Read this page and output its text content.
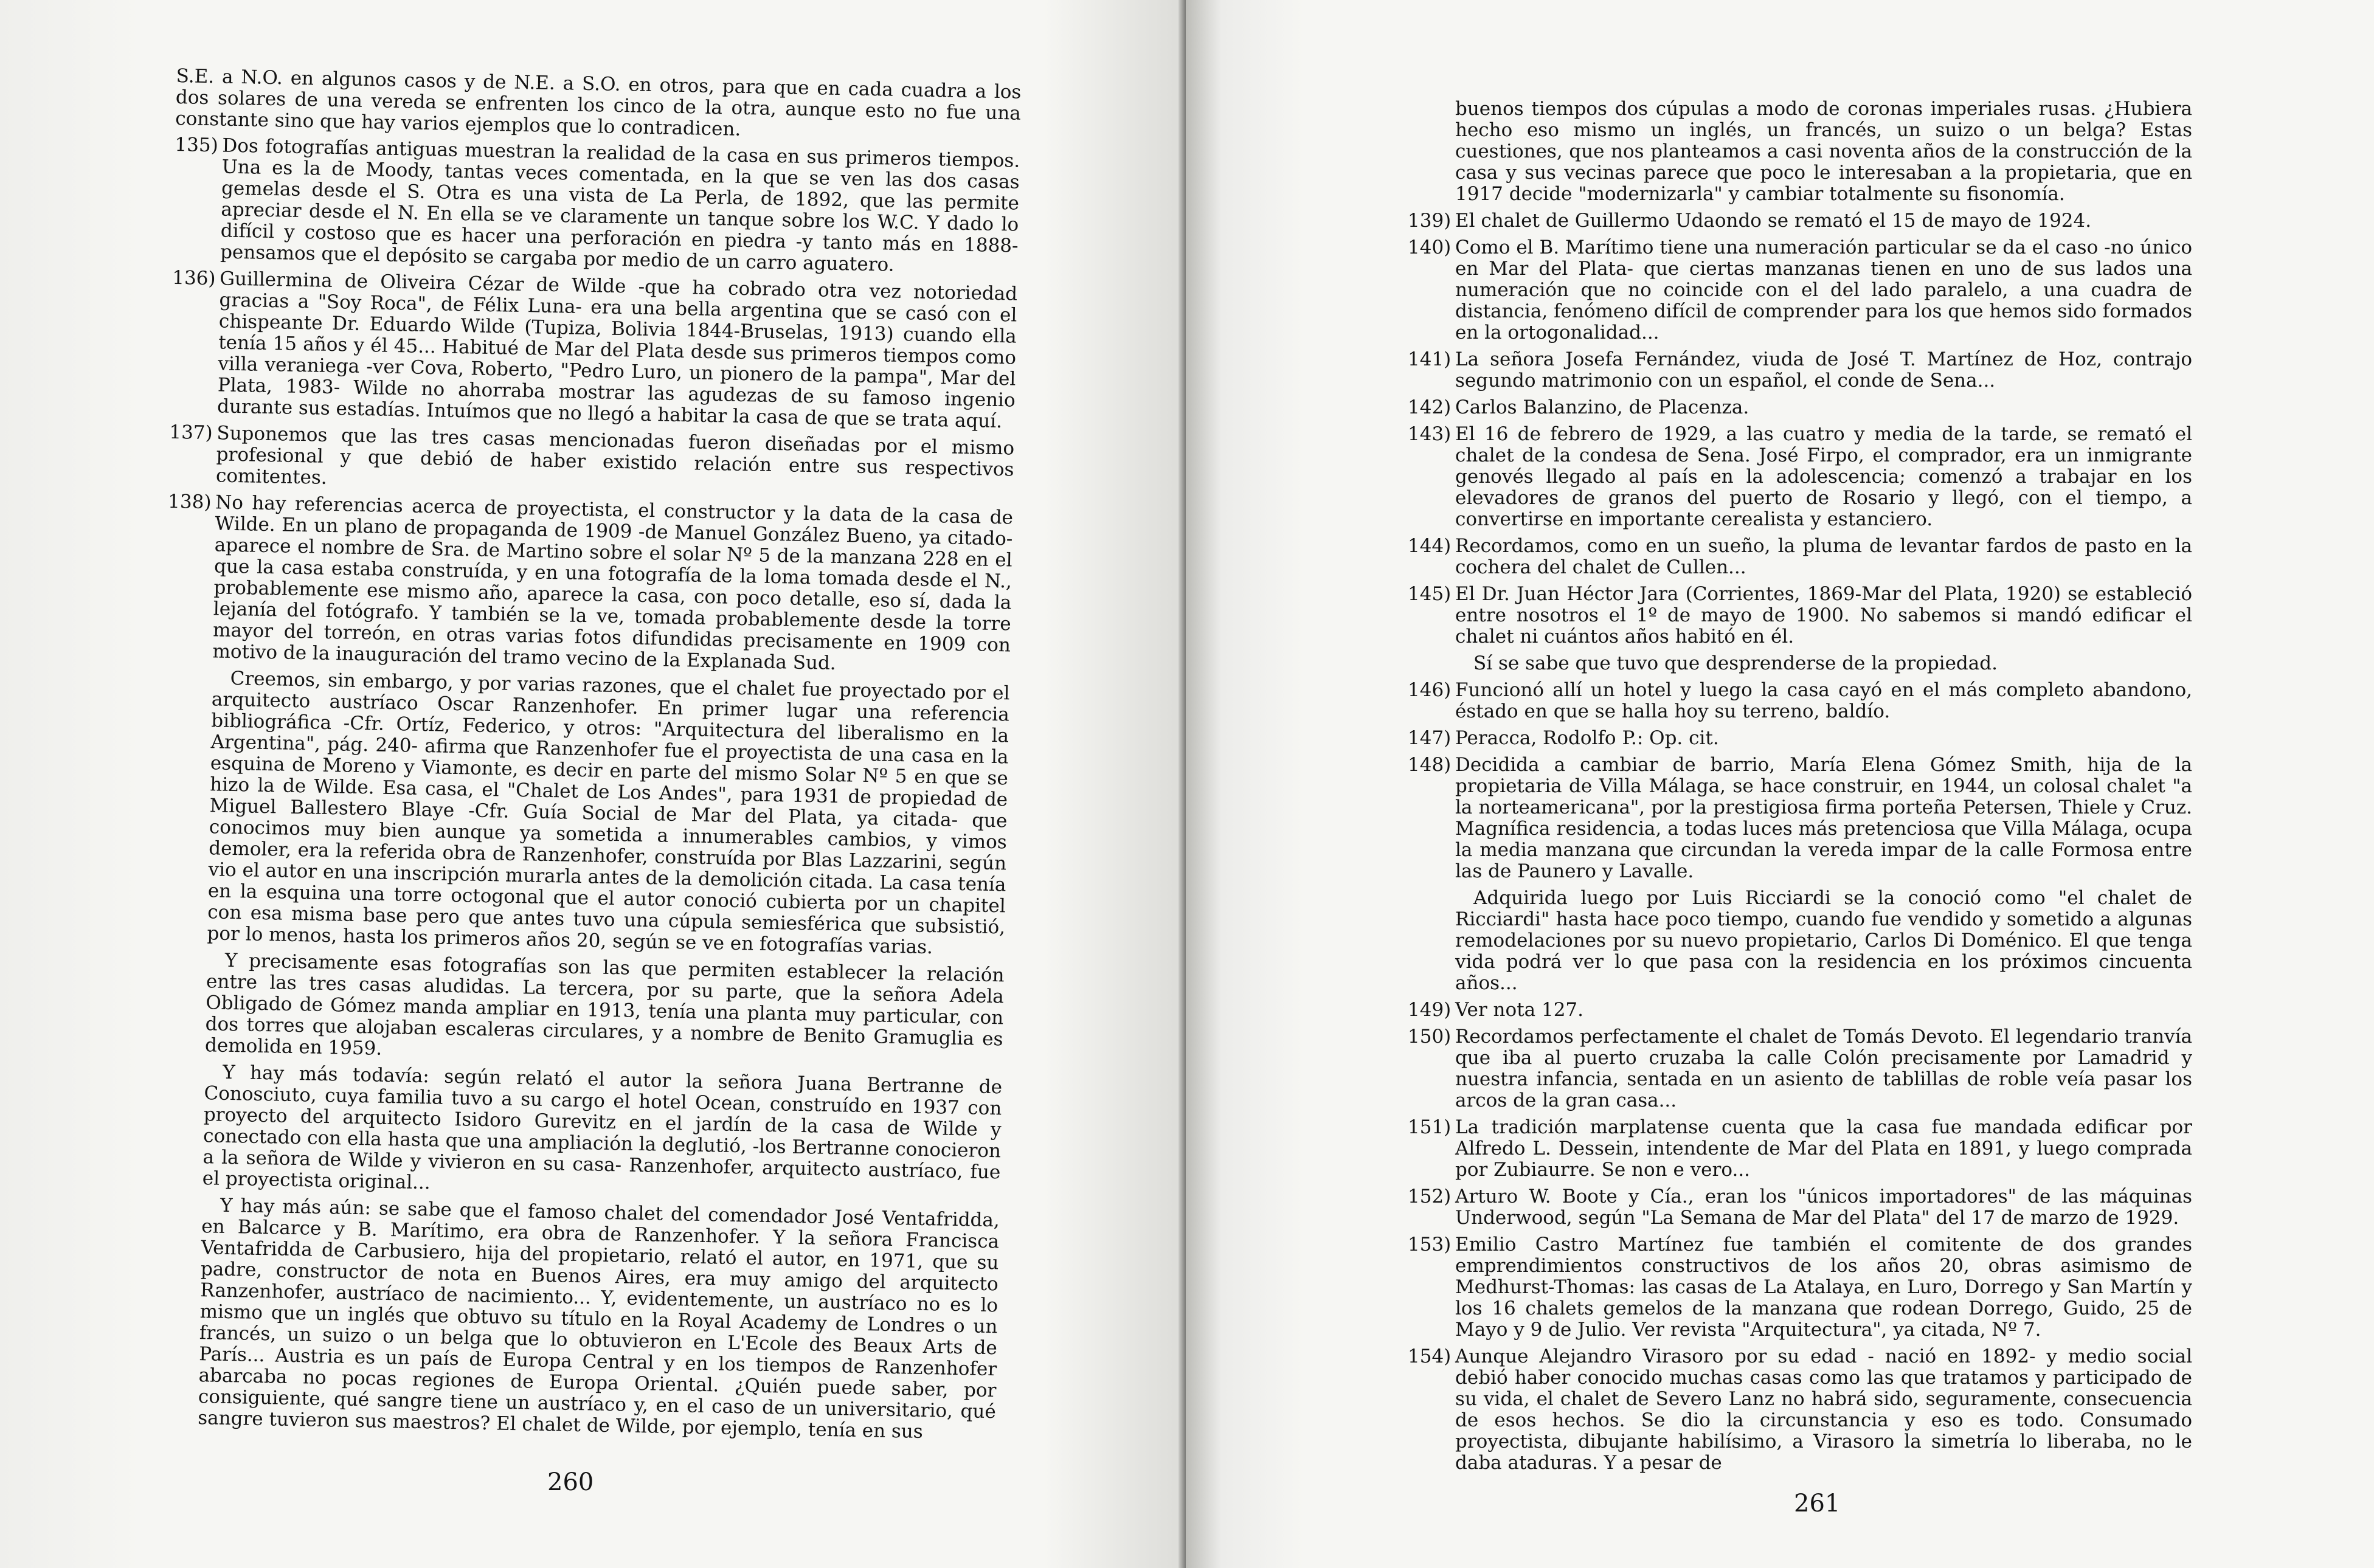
S.E. a N.O. en algunos casos y de N.E. a S.O. en otros, para que en cada cuadra a los dos solares de una vereda se enfrenten los cinco de la otra, aunque esto no fue una constante sino que hay varios ejemplos que lo contradicen.

135) Dos fotografías antiguas muestran la realidad de la casa en sus primeros tiempos. Una es la de Moody, tantas veces comentada, en la que se ven las dos casas gemelas desde el S. Otra es una vista de La Perla, de 1892, que las permite apreciar desde el N. En ella se ve claramente un tanque sobre los W.C. Y dado lo difícil y costoso que es hacer una perforación en piedra -y tanto más en 1888- pensamos que el depósito se cargaba por medio de un carro aguatero.

136) Guillermina de Oliveira Cézar de Wilde -que ha cobrado otra vez notoriedad gracias a "Soy Roca", de Félix Luna- era una bella argentina que se casó con el chispeante Dr. Eduardo Wilde (Tupiza, Bolivia 1844-Bruselas, 1913) cuando ella tenía 15 años y él 45... Habitué de Mar del Plata desde sus primeros tiempos como villa veraniega -ver Cova, Roberto, "Pedro Luro, un pionero de la pampa", Mar del Plata, 1983- Wilde no ahorraba mostrar las agudezas de su famoso ingenio durante sus estadías. Intuímos que no llegó a habitar la casa de que se trata aquí.

137) Suponemos que las tres casas mencionadas fueron diseñadas por el mismo profesional y que debió de haber existido relación entre sus respectivos comitentes.

138) No hay referencias acerca de proyectista, el constructor y la data de la casa de Wilde. En un plano de propaganda de 1909 -de Manuel González Bueno, ya citado- aparece el nombre de Sra. de Martino sobre el solar Nº 5 de la manzana 228 en el que la casa estaba construída, y en una fotografía de la loma tomada desde el N., probablemente ese mismo año, aparece la casa, con poco detalle, eso sí, dada la lejanía del fotógrafo. Y también se la ve, tomada probablemente desde la torre mayor del torreón, en otras varias fotos difundidas precisamente en 1909 con motivo de la inauguración del tramo vecino de la Explanada Sud.

Creemos, sin embargo, y por varias razones, que el chalet fue proyectado por el arquitecto austríaco Oscar Ranzenhofer. En primer lugar una referencia bibliográfica -Cfr. Ortíz, Federico, y otros: "Arquitectura del liberalismo en la Argentina", pág. 240- afirma que Ranzenhofer fue el proyectista de una casa en la esquina de Moreno y Viamonte, es decir en parte del mismo Solar Nº 5 en que se hizo la de Wilde. Esa casa, el "Chalet de Los Andes", para 1931 de propiedad de Miguel Ballestero Blaye -Cfr. Guía Social de Mar del Plata, ya citada- que conocimos muy bien aunque ya sometida a innumerables cambios, y vimos demoler, era la referida obra de Ranzenhofer, construída por Blas Lazzarini, según vio el autor en una inscripción murarla antes de la demolición citada. La casa tenía en la esquina una torre octogonal que el autor conoció cubierta por un chapitel con esa misma base pero que antes tuvo una cúpula semiesférica que subsistió, por lo menos, hasta los primeros años 20, según se ve en fotografías varias.

Y precisamente esas fotografías son las que permiten establecer la relación entre las tres casas aludidas. La tercera, por su parte, que la señora Adela Obligado de Gómez manda ampliar en 1913, tenía una planta muy particular, con dos torres que alojaban escaleras circulares, y a nombre de Benito Gramuglia es demolida en 1959.

Y hay más todavía: según relató el autor la señora Juana Bertranne de Conosciuto, cuya familia tuvo a su cargo el hotel Ocean, construído en 1937 con proyecto del arquitecto Isidoro Gurevitz en el jardín de la casa de Wilde y conectado con ella hasta que una ampliación la deglutió, -los Bertranne conocieron a la señora de Wilde y vivieron en su casa- Ranzenhofer, arquitecto austríaco, fue el proyectista original...

Y hay más aún: se sabe que el famoso chalet del comendador José Ventafridda, en Balcarce y B. Marítimo, era obra de Ranzenhofer. Y la señora Francisca Ventafridda de Carbusiero, hija del propietario, relató el autor, en 1971, que su padre, constructor de nota en Buenos Aires, era muy amigo del arquitecto Ranzenhofer, austríaco de nacimiento... Y, evidentemente, un austríaco no es lo mismo que un inglés que obtuvo su título en la Royal Academy de Londres o un francés, un suizo o un belga que lo obtuvieron en L'Ecole des Beaux Arts de París... Austria es un país de Europa Central y en los tiempos de Ranzenhofer abarcaba no pocas regiones de Europa Oriental. ¿Quién puede saber, por consiguiente, qué sangre tiene un austríaco y, en el caso de un universitario, qué sangre tuvieron sus maestros? El chalet de Wilde, por ejemplo, tenía en sus

260

buenos tiempos dos cúpulas a modo de coronas imperiales rusas. ¿Hubiera hecho eso mismo un inglés, un francés, un suizo o un belga? Estas cuestiones, que nos planteamos a casi noventa años de la construcción de la casa y sus vecinas parece que poco le interesaban a la propietaria, que en 1917 decide "modernizarla" y cambiar totalmente su fisonomía.

139) El chalet de Guillermo Udaondo se remató el 15 de mayo de 1924.

140) Como el B. Marítimo tiene una numeración particular se da el caso -no único en Mar del Plata- que ciertas manzanas tienen en uno de sus lados una numeración que no coincide con el del lado paralelo, a una cuadra de distancia, fenómeno difícil de comprender para los que hemos sido formados en la ortogonalidad...

141) La señora Josefa Fernández, viuda de José T. Martínez de Hoz, contrajo segundo matrimonio con un español, el conde de Sena...

142) Carlos Balanzino, de Placenza.

143) El 16 de febrero de 1929, a las cuatro y media de la tarde, se remató el chalet de la condesa de Sena. José Firpo, el comprador, era un inmigrante genovés llegado al país en la adolescencia; comenzó a trabajar en los elevadores de granos del puerto de Rosario y llegó, con el tiempo, a convertirse en importante cerealista y estanciero.

144) Recordamos, como en un sueño, la pluma de levantar fardos de pasto en la cochera del chalet de Cullen...

145) El Dr. Juan Héctor Jara (Corrientes, 1869-Mar del Plata, 1920) se estableció entre nosotros el 1º de mayo de 1900. No sabemos si mandó edificar el chalet ni cuántos años habitó en él.

Sí se sabe que tuvo que desprenderse de la propiedad.

146) Funcionó allí un hotel y luego la casa cayó en el más completo abandono, éstado en que se halla hoy su terreno, baldío.

147) Peracca, Rodolfo P.: Op. cit.

148) Decidida a cambiar de barrio, María Elena Gómez Smith, hija de la propietaria de Villa Málaga, se hace construir, en 1944, un colosal chalet "a la norteamericana", por la prestigiosa firma porteña Petersen, Thiele y Cruz. Magnífica residencia, a todas luces más pretenciosa que Villa Málaga, ocupa la media manzana que circundan la vereda impar de la calle Formosa entre las de Paunero y Lavalle.

Adquirida luego por Luis Ricciardi se la conoció como "el chalet de Ricciardi" hasta hace poco tiempo, cuando fue vendido y sometido a algunas remodelaciones por su nuevo propietario, Carlos Di Doménico. El que tenga vida podrá ver lo que pasa con la residencia en los próximos cincuenta años...

149) Ver nota 127.

150) Recordamos perfectamente el chalet de Tomás Devoto. El legendario tranvía que iba al puerto cruzaba la calle Colón precisamente por Lamadrid y nuestra infancia, sentada en un asiento de tablillas de roble veía pasar los arcos de la gran casa...

151) La tradición marplatense cuenta que la casa fue mandada edificar por Alfredo L. Dessein, intendente de Mar del Plata en 1891, y luego comprada por Zubiaurre. Se non e vero...

152) Arturo W. Boote y Cía., eran los "únicos importadores" de las máquinas Underwood, según "La Semana de Mar del Plata" del 17 de marzo de 1929.

153) Emilio Castro Martínez fue también el comitente de dos grandes emprendimientos constructivos de los años 20, obras asimismo de Medhurst-Thomas: las casas de La Atalaya, en Luro, Dorrego y San Martín y los 16 chalets gemelos de la manzana que rodean Dorrego, Guido, 25 de Mayo y 9 de Julio. Ver revista "Arquitectura", ya citada, Nº 7.

154) Aunque Alejandro Virasoro por su edad - nació en 1892- y medio social debió haber conocido muchas casas como las que tratamos y participado de su vida, el chalet de Severo Lanz no habrá sido, seguramente, consecuencia de esos hechos. Se dio la circunstancia y eso es todo. Consumado proyectista, dibujante habilísimo, a Virasoro la simetría lo liberaba, no le daba ataduras. Y a pesar de

261
